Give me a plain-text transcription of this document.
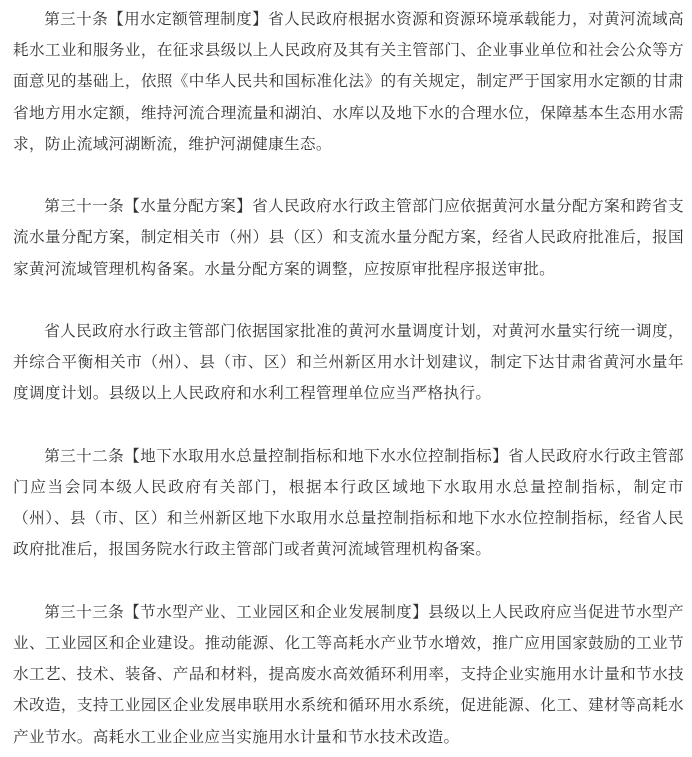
第三十条【用水定额管理制度】省人民政府根据水资源和资源环境承载能力，对黄河流域高耗水工业和服务业，在征求县级以上人民政府及其有关主管部门、企业事业单位和社会公众等方面意见的基础上，依照《中华人民共和国标准化法》的有关规定，制定严于国家用水定额的甘肃省地方用水定额，维持河流合理流量和湖泊、水库以及地下水的合理水位，保障基本生态用水需求，防止流域河湖断流，维护河湖健康生态。

第三十一条【水量分配方案】省人民政府水行政主管部门应依据黄河水量分配方案和跨省支流水量分配方案，制定相关市（州）县（区）和支流水量分配方案，经省人民政府批准后，报国家黄河流域管理机构备案。水量分配方案的调整，应按原审批程序报送审批。

省人民政府水行政主管部门依据国家批准的黄河水量调度计划，对黄河水量实行统一调度，并综合平衡相关市（州）、县（市、区）和兰州新区用水计划建议，制定下达甘肃省黄河水量年度调度计划。县级以上人民政府和水利工程管理单位应当严格执行。

第三十二条【地下水取用水总量控制指标和地下水水位控制指标】省人民政府水行政主管部门应当会同本级人民政府有关部门，根据本行政区域地下水取用水总量控制指标，制定市（州）、县（市、区）和兰州新区地下水取用水总量控制指标和地下水水位控制指标，经省人民政府批准后，报国务院水行政主管部门或者黄河流域管理机构备案。

第三十三条【节水型产业、工业园区和企业发展制度】县级以上人民政府应当促进节水型产业、工业园区和企业建设。推动能源、化工等高耗水产业节水增效，推广应用国家鼓励的工业节水工艺、技术、装备、产品和材料，提高废水高效循环利用率，支持企业实施用水计量和节水技术改造，支持工业园区企业发展串联用水系统和循环用水系统，促进能源、化工、建材等高耗水产业节水。高耗水工业企业应当实施用水计量和节水技术改造。
